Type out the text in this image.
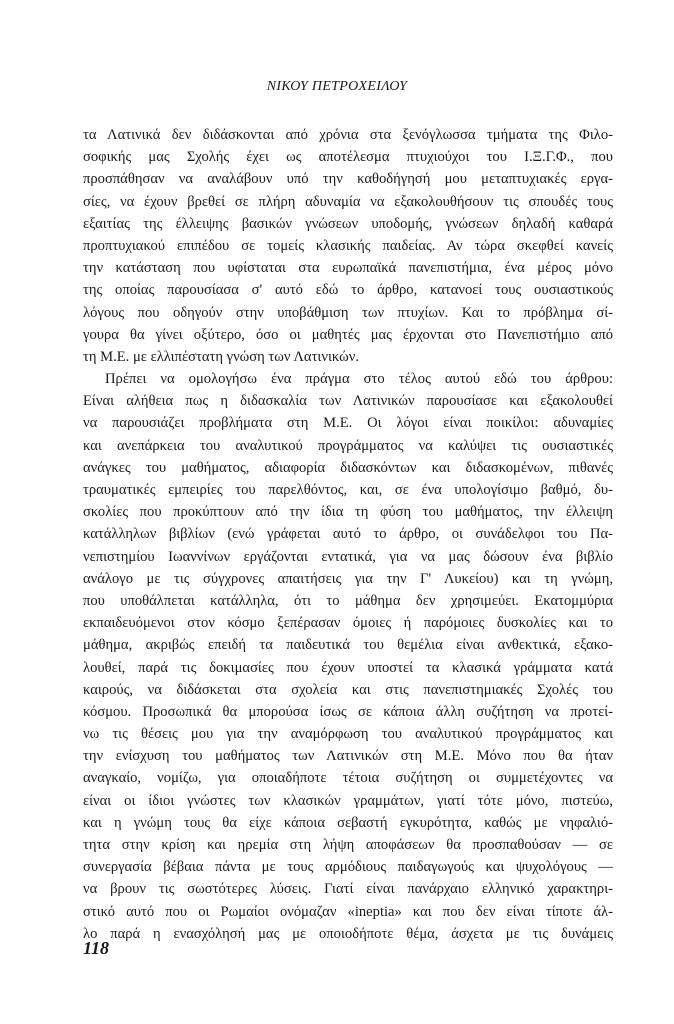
ΝΙΚΟΥ ΠΕΤΡΟΧΕΙΛΟΥ
τα Λατινικά δεν διδάσκονται από χρόνια στα ξενόγλωσσα τμήματα της Φιλο-
σοφικής μας Σχολής έχει ως αποτέλεσμα πτυχιούχοι του Ι.Ξ.Γ.Φ., που
προσπάθησαν να αναλάβουν υπό την καθοδήγησή μου μεταπτυχιακές εργα-
σίες, να έχουν βρεθεί σε πλήρη αδυναμία να εξακολουθήσουν τις σπουδές τους
εξαιτίας της έλλειψης βασικών γνώσεων υποδομής, γνώσεων δηλαδή καθαρά
προπτυχιακού επιπέδου σε τομείς κλασικής παιδείας. Αν τώρα σκεφθεί κανείς
την κατάσταση που υφίσταται στα ευρωπαϊκά πανεπιστήμια, ένα μέρος μόνο
της οποίας παρουσίασα σ' αυτό εδώ το άρθρο, κατανοεί τους ουσιαστικούς
λόγους που οδηγούν στην υποβάθμιση των πτυχίων. Και το πρόβλημα σί-
γουρα θα γίνει οξύτερο, όσο οι μαθητές μας έρχονται στο Πανεπιστήμιο από
τη Μ.Ε. με ελλιπέστατη γνώση των Λατινικών.
Πρέπει να ομολογήσω ένα πράγμα στο τέλος αυτού εδώ του άρθρου:
Είναι αλήθεια πως η διδασκαλία των Λατινικών παρουσίασε και εξακολουθεί
να παρουσιάζει προβλήματα στη Μ.Ε. Οι λόγοι είναι ποικίλοι: αδυναμίες
και ανεπάρκεια του αναλυτικού προγράμματος να καλύψει τις ουσιαστικές
ανάγκες του μαθήματος, αδιαφορία διδασκόντων και διδασκομένων, πιθανές
τραυματικές εμπειρίες του παρελθόντος, και, σε ένα υπολογίσιμο βαθμό, δυ-
σκολίες που προκύπτουν από την ίδια τη φύση του μαθήματος, την έλλειψη
κατάλληλων βιβλίων (ενώ γράφεται αυτό το άρθρο, οι συνάδελφοι του Πα-
νεπιστημίου Ιωαννίνων εργάζονται εντατικά, για να μας δώσουν ένα βιβλίο
ανάλογο με τις σύγχρονες απαιτήσεις για την Γ' Λυκείου) και τη γνώμη,
που υποθάλπεται κατάλληλα, ότι το μάθημα δεν χρησιμεύει. Εκατομμύρια
εκπαιδευόμενοι στον κόσμο ξεπέρασαν όμοιες ή παρόμοιες δυσκολίες και το
μάθημα, ακριβώς επειδή τα παιδευτικά του θεμέλια είναι ανθεκτικά, εξακο-
λουθεί, παρά τις δοκιμασίες που έχουν υποστεί τα κλασικά γράμματα κατά
καιρούς, να διδάσκεται στα σχολεία και στις πανεπιστημιακές Σχολές του
κόσμου. Προσωπικά θα μπορούσα ίσως σε κάποια άλλη συζήτηση να προτεί-
νω τις θέσεις μου για την αναμόρφωση του αναλυτικού προγράμματος και
την ενίσχυση του μαθήματος των Λατινικών στη Μ.Ε. Μόνο που θα ήταν
αναγκαίο, νομίζω, για οποιαδήποτε τέτοια συζήτηση οι συμμετέχοντες να
είναι οι ίδιοι γνώστες των κλασικών γραμμάτων, γιατί τότε μόνο, πιστεύω,
και η γνώμη τους θα είχε κάποια σεβαστή εγκυρότητα, καθώς με νηφαλιό-
τητα στην κρίση και ηρεμία στη λήψη αποφάσεων θα προσπαθούσαν — σε
συνεργασία βέβαια πάντα με τους αρμόδιους παιδαγωγούς και ψυχολόγους —
να βρουν τις σωστότερες λύσεις. Γιατί είναι πανάρχαιο ελληνικό χαρακτηρι-
στικό αυτό που οι Ρωμαίοι ονόμαζαν «ineptia» και που δεν είναι τίποτε άλ-
λο παρά η ενασχόλησή μας με οποιοδήποτε θέμα, άσχετα με τις δυνάμεις
118
